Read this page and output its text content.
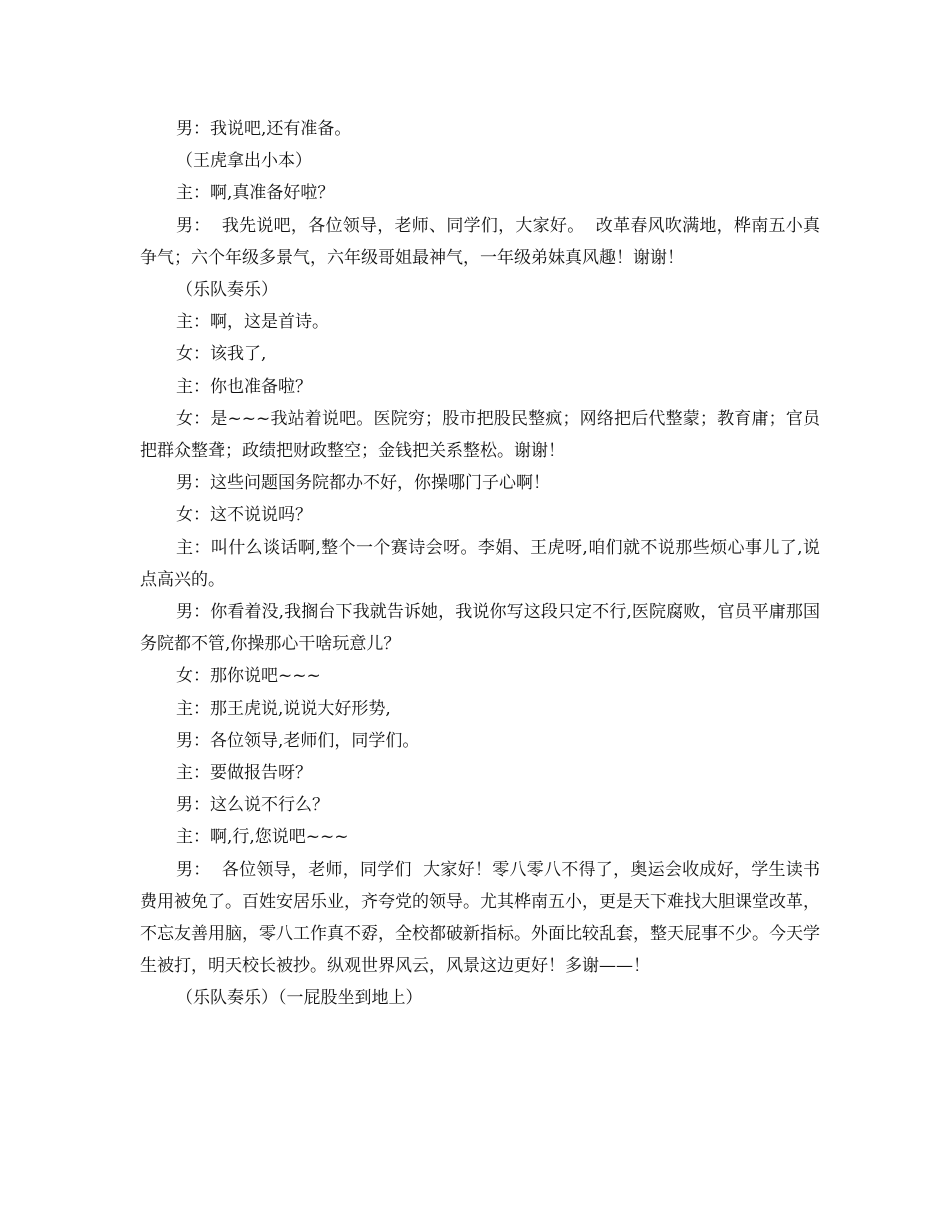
男：我说吧,还有准备。

（王虎拿出小本）

主：啊,真准备好啦？

男：  我先说吧，各位领导，老师、同学们，大家好。  改革春风吹满地，桦南五小真争气；六个年级多景气，六年级哥姐最神气，一年级弟妹真风趣！谢谢！

（乐队奏乐）

主：啊，这是首诗。

女：该我了,

主：你也准备啦？

女：是~~~我站着说吧。医院穷；股市把股民整疯；网络把后代整蒙；教育庸；官员把群众整聋；政绩把财政整空；金钱把关系整松。谢谢！

男：这些问题国务院都办不好，你操哪门子心啊！

女：这不说说吗？

主：叫什么谈话啊,整个一个赛诗会呀。李娟、王虎呀,咱们就不说那些烦心事儿了,说点高兴的。

男：你看着没,我搁台下我就告诉她，我说你写这段只定不行,医院腐败，官员平庸那国务院都不管,你操那心干啥玩意儿？

女：那你说吧~~~

主：那王虎说,说说大好形势,

男：各位领导,老师们，同学们。

主：要做报告呀？

男：这么说不行么？

主：啊,行,您说吧~~~

男：  各位领导，老师，同学们  大家好！零八零八不得了，奥运会收成好，学生读书费用被免了。百姓安居乐业，齐夸党的领导。尤其桦南五小，更是天下难找大胆课堂改革，不忘友善用脑，零八工作真不孬，全校都破新指标。外面比较乱套，整天屁事不少。今天学生被打，明天校长被抄。纵观世界风云，风景这边更好！多谢——！

（乐队奏乐）（一屁股坐到地上）
